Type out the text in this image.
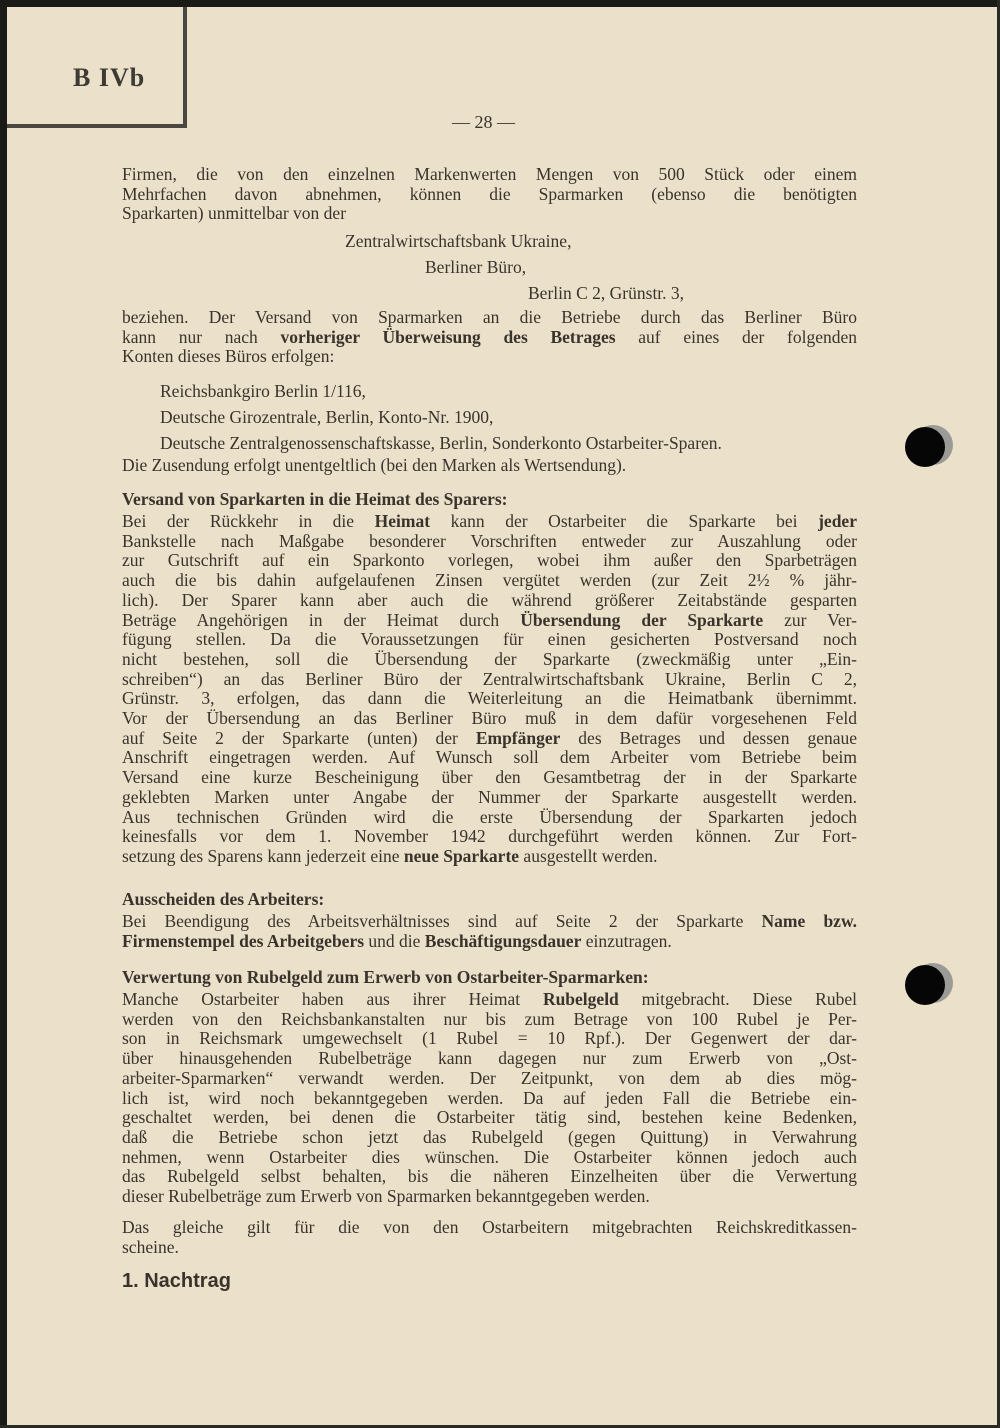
B IVb
— 28 —
Firmen, die von den einzelnen Markenwerten Mengen von 500 Stück oder einem
Mehrfachen davon abnehmen, können die Sparmarken (ebenso die benötigten
Sparkarten) unmittelbar von der
Zentralwirtschaftsbank Ukraine,
Berliner Büro,
Berlin C 2, Grünstr. 3,
beziehen. Der Versand von Sparmarken an die Betriebe durch das Berliner Büro
kann nur nach vorheriger Überweisung des Betrages auf eines der folgenden
Konten dieses Büros erfolgen:
Reichsbankgiro Berlin 1/116,
Deutsche Girozentrale, Berlin, Konto-Nr. 1900,
Deutsche Zentralgenossenschaftskasse, Berlin, Sonderkonto Ostarbeiter-Sparen.
Die Zusendung erfolgt unentgeltlich (bei den Marken als Wertsendung).
Versand von Sparkarten in die Heimat des Sparers:
Bei der Rückkehr in die Heimat kann der Ostarbeiter die Sparkarte bei jeder
Bankstelle nach Maßgabe besonderer Vorschriften entweder zur Auszahlung oder
zur Gutschrift auf ein Sparkonto vorlegen, wobei ihm außer den Sparbeträgen
auch die bis dahin aufgelaufenen Zinsen vergütet werden (zur Zeit 2½ % jähr-
lich). Der Sparer kann aber auch die während größerer Zeitabstände gesparten
Beträge Angehörigen in der Heimat durch Übersendung der Sparkarte zur Ver-
fügung stellen. Da die Voraussetzungen für einen gesicherten Postversand noch
nicht bestehen, soll die Übersendung der Sparkarte (zweckmäßig unter „Ein-
schreiben“) an das Berliner Büro der Zentralwirtschaftsbank Ukraine, Berlin C 2,
Grünstr. 3, erfolgen, das dann die Weiterleitung an die Heimatbank übernimmt.
Vor der Übersendung an das Berliner Büro muß in dem dafür vorgesehenen Feld
auf Seite 2 der Sparkarte (unten) der Empfänger des Betrages und dessen genaue
Anschrift eingetragen werden. Auf Wunsch soll dem Arbeiter vom Betriebe beim
Versand eine kurze Bescheinigung über den Gesamtbetrag der in der Sparkarte
geklebten Marken unter Angabe der Nummer der Sparkarte ausgestellt werden.
Aus technischen Gründen wird die erste Übersendung der Sparkarten jedoch
keinesfalls vor dem 1. November 1942 durchgeführt werden können. Zur Fort-
setzung des Sparens kann jederzeit eine neue Sparkarte ausgestellt werden.
Ausscheiden des Arbeiters:
Bei Beendigung des Arbeitsverhältnisses sind auf Seite 2 der Sparkarte Name bzw.
Firmenstempel des Arbeitgebers und die Beschäftigungsdauer einzutragen.
Verwertung von Rubelgeld zum Erwerb von Ostarbeiter-Sparmarken:
Manche Ostarbeiter haben aus ihrer Heimat Rubelgeld mitgebracht. Diese Rubel
werden von den Reichsbankanstalten nur bis zum Betrage von 100 Rubel je Per-
son in Reichsmark umgewechselt (1 Rubel = 10 Rpf.). Der Gegenwert der dar-
über hinausgehenden Rubelbeträge kann dagegen nur zum Erwerb von „Ost-
arbeiter-Sparmarken“ verwandt werden. Der Zeitpunkt, von dem ab dies mög-
lich ist, wird noch bekanntgegeben werden. Da auf jeden Fall die Betriebe ein-
geschaltet werden, bei denen die Ostarbeiter tätig sind, bestehen keine Bedenken,
daß die Betriebe schon jetzt das Rubelgeld (gegen Quittung) in Verwahrung
nehmen, wenn Ostarbeiter dies wünschen. Die Ostarbeiter können jedoch auch
das Rubelgeld selbst behalten, bis die näheren Einzelheiten über die Verwertung
dieser Rubelbeträge zum Erwerb von Sparmarken bekanntgegeben werden.
Das gleiche gilt für die von den Ostarbeitern mitgebrachten Reichskreditkassen-
scheine.
1. Nachtrag
